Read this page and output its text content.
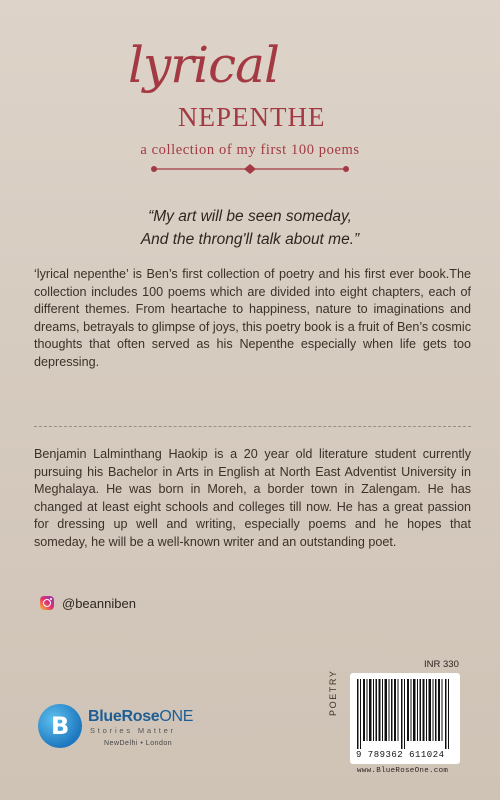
lyrical
NEPENTHE
a collection of my first 100 poems
“My art will be seen someday,
And the throng'll talk about me.”
‘lyrical nepenthe’ is Ben’s first collection of poetry and his first ever book.The collection includes 100 poems which are divided into eight chapters, each of different themes. From heartache to happiness, nature to imaginations and dreams, betrayals to glimpse of joys, this poetry book is a fruit of Ben’s cosmic thoughts that often served as his Nepenthe especially when life gets too depressing.
Benjamin Lalminthang Haokip is a 20 year old literature student currently pursuing his Bachelor in Arts in English at North East Adventist University in Meghalaya. He was born in Moreh, a border town in Zalengam. He has changed at least eight schools and colleges till now. He has a great passion for dressing up well and writing, especially poems and he hopes that someday, he will be a well-known writer and an outstanding poet.
@beanniben
INR 330
POETRY
9 789362 611024
www.BlueRoseOne.com
B BlueRoseONE
Stories Matter
NewDelhi • London
